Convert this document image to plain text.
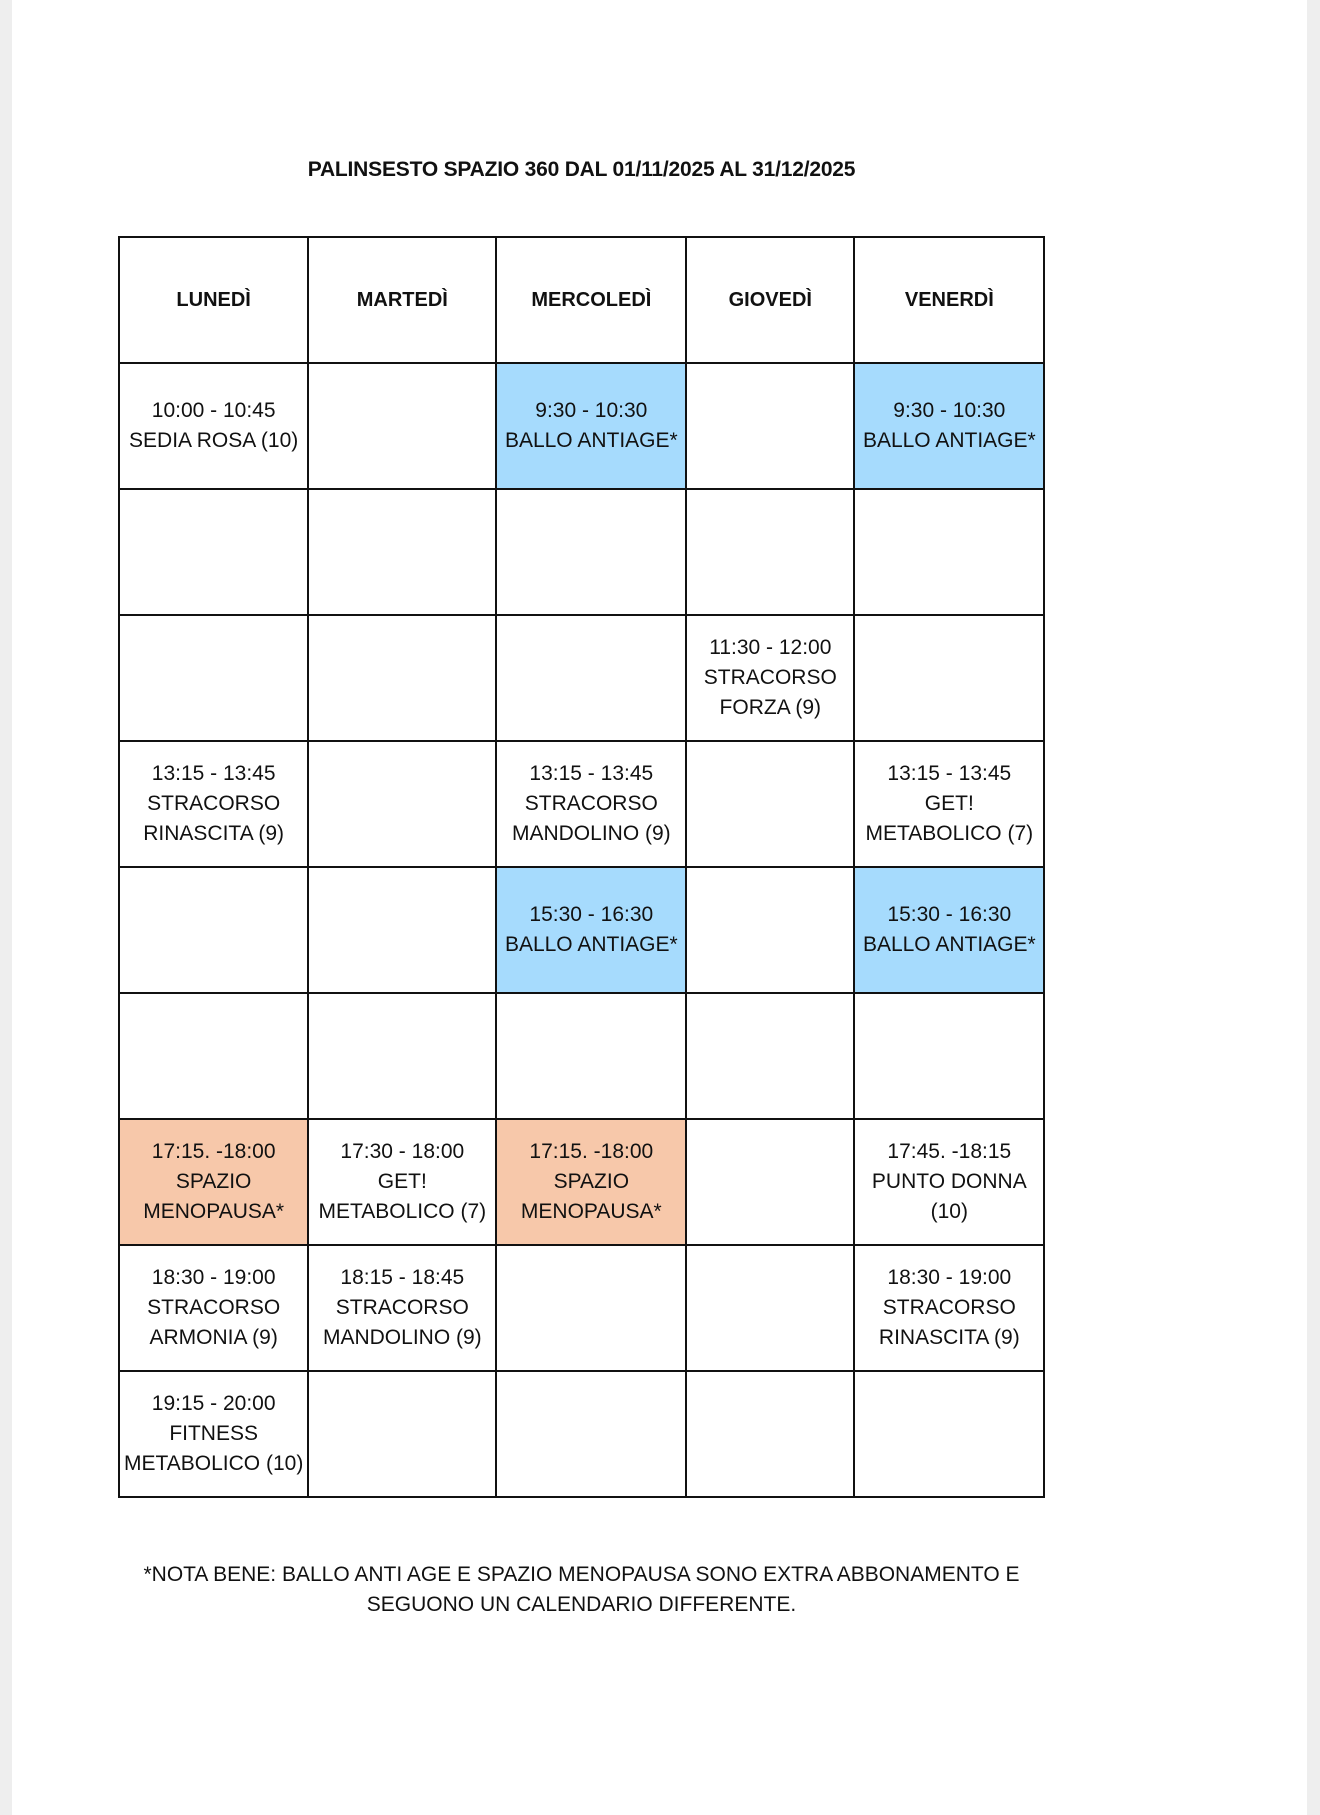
PALINSESTO SPAZIO 360 DAL 01/11/2025 AL 31/12/2025
LUNEDÌ	MARTEDÌ	MERCOLEDÌ	GIOVEDÌ	VENERDÌ

10:00 - 10:45
SEDIA ROSA (10)		9:30 - 10:30
BALLO ANTIAGE*		9:30 - 10:30
BALLO ANTIAGE*

			11:30 - 12:00
STRACORSO
FORZA (9)	

13:15 - 13:45
STRACORSO
RINASCITA (9)		13:15 - 13:45
STRACORSO
MANDOLINO (9)		13:15 - 13:45
GET!
METABOLICO (7)

		15:30 - 16:30
BALLO ANTIAGE*		15:30 - 16:30
BALLO ANTIAGE*

17:15. -18:00
SPAZIO
MENOPAUSA*	17:30 - 18:00
GET!
METABOLICO (7)	17:15. -18:00
SPAZIO
MENOPAUSA*		17:45. -18:15
PUNTO DONNA
(10)

18:30 - 19:00
STRACORSO
ARMONIA (9)	18:15 - 18:45
STRACORSO
MANDOLINO (9)			18:30 - 19:00
STRACORSO
RINASCITA (9)

19:15 - 20:00
FITNESS
METABOLICO (10)				

*NOTA BENE: BALLO ANTI AGE E SPAZIO MENOPAUSA SONO EXTRA ABBONAMENTO E
SEGUONO UN CALENDARIO DIFFERENTE.
